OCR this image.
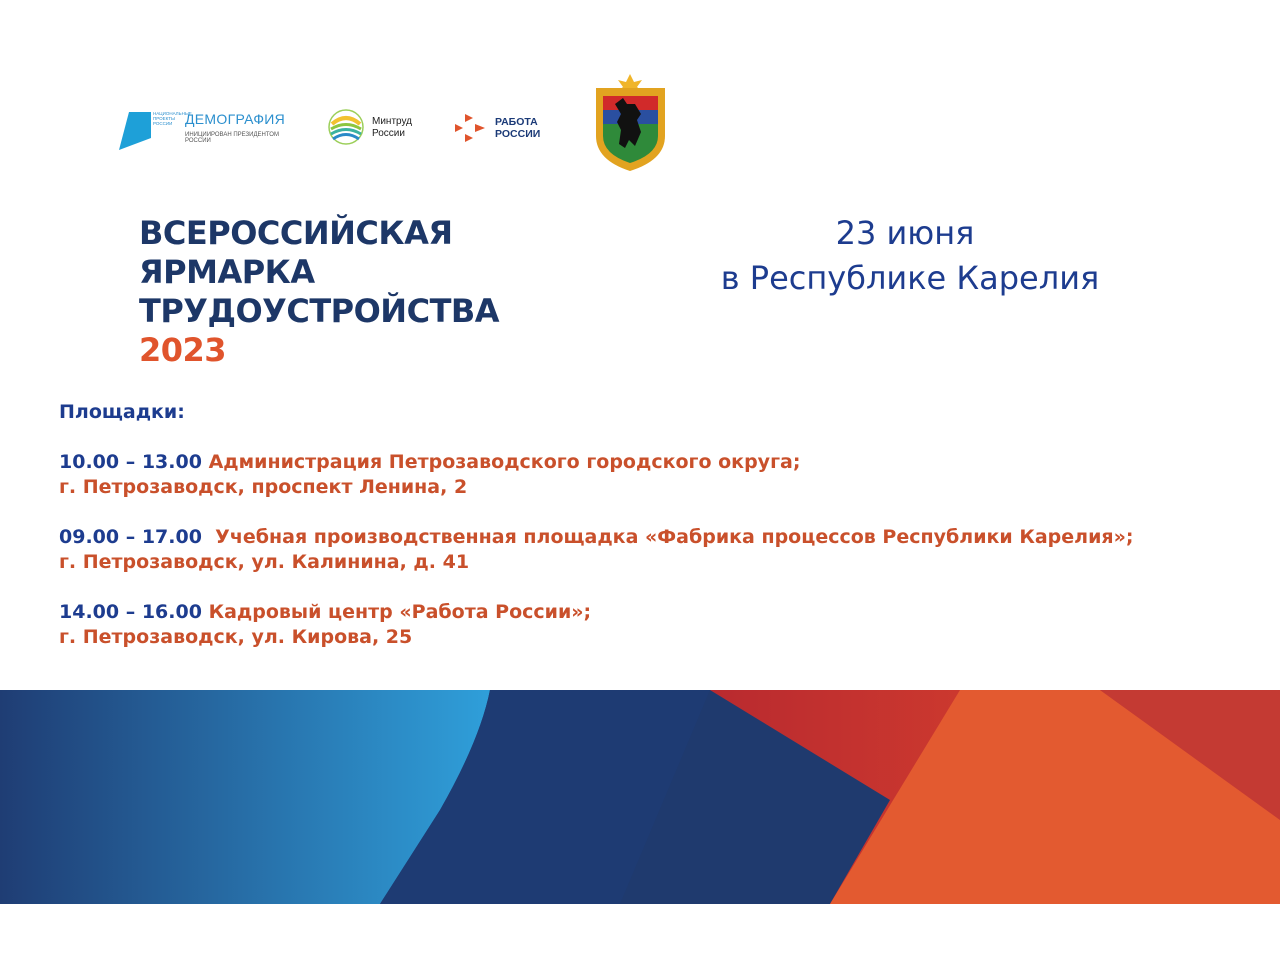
НАЦИОНАЛЬНЫЕ ПРОЕКТЫ РОССИИ ДЕМОГРАФИЯ
ИНИЦИИРОВАН ПРЕЗИДЕНТОМ РОССИИ
Минтруд
России
РАБОТА
РОССИИ
ВСЕРОССИЙСКАЯ
ЯРМАРКА
ТРУДОУСТРОЙСТВА
2023
23 июня
в Республике Карелия
Площадки:
10.00 – 13.00 Администрация Петрозаводского городского округа;
г. Петрозаводск, проспект Ленина, 2
09.00 – 17.00 Учебная производственная площадка «Фабрика процессов Республики Карелия»;
г. Петрозаводск, ул. Калинина, д. 41
14.00 – 16.00 Кадровый центр «Работа России»;
г. Петрозаводск, ул. Кирова, 25
